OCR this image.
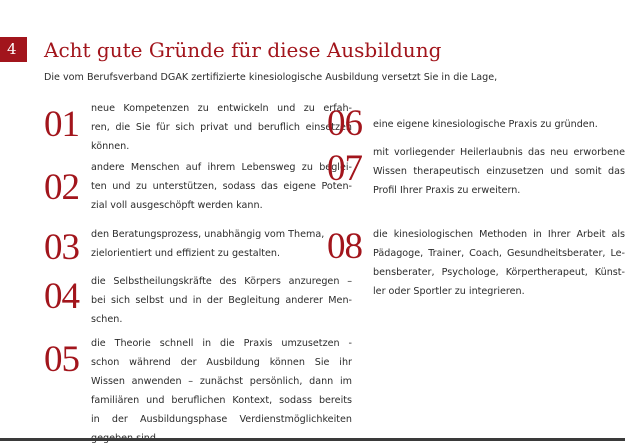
4	Acht gute Gründe für diese Ausbildung

Die vom Berufsverband DGAK zertifizierte kinesiologische Ausbildung versetzt Sie in die Lage,

01 neue Kompetenzen zu entwickeln und zu erfah-
ren, die Sie für sich privat und beruflich einsetzen
können.

02 andere Menschen auf ihrem Lebensweg zu beglei-
ten und zu unterstützen, sodass das eigene Poten-
zial voll ausgeschöpft werden kann.

03 den Beratungsprozess, unabhängig vom Thema,
zielorientiert und effizient zu gestalten.

04 die Selbstheilungskräfte des Körpers anzuregen –
bei sich selbst und in der Begleitung anderer Men-
schen.

05 die Theorie schnell in die Praxis umzusetzen -
schon während der Ausbildung können Sie ihr
Wissen anwenden – zunächst persönlich, dann im
familiären und beruflichen Kontext, sodass bereits
in der Ausbildungsphase Verdienstmöglichkeiten

06 eine eigene kinesiologische Praxis zu gründen.

07 mit vorliegender Heilerlaubnis das neu erworbene
Wissen therapeutisch einzusetzen und somit das
Profil Ihrer Praxis zu erweitern.

08 die kinesiologischen Methoden in Ihrer Arbeit als
Pädagoge, Trainer, Coach, Gesundheitsberater, Le-
bensberater, Psychologe, Körpertherapeut, Künst-
ler oder Sportler zu integrieren.
